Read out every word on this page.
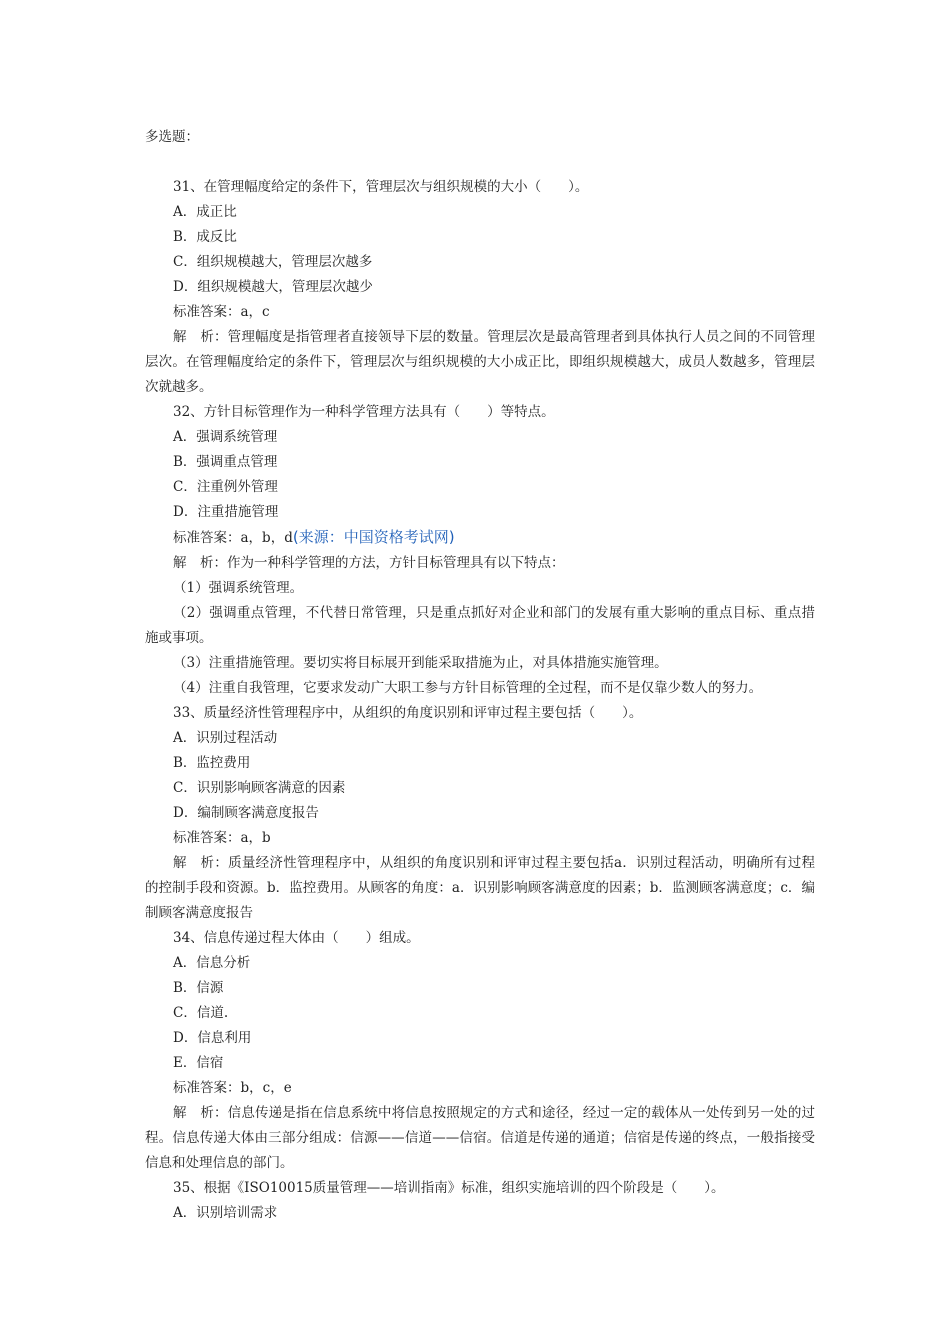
多选题：
31、在管理幅度给定的条件下，管理层次与组织规模的大小（　　）。
A．成正比
B．成反比
C．组织规模越大，管理层次越多
D．组织规模越大，管理层次越少
标准答案：a，c
解　析：管理幅度是指管理者直接领导下层的数量。管理层次是最高管理者到具体执行人员之间的不同管理层次。在管理幅度给定的条件下，管理层次与组织规模的大小成正比，即组织规模越大，成员人数越多，管理层次就越多。
32、方针目标管理作为一种科学管理方法具有（　　）等特点。
A．强调系统管理
B．强调重点管理
C．注重例外管理
D．注重措施管理
标准答案：a，b，d(来源：中国资格考试网)
解　析：作为一种科学管理的方法，方针目标管理具有以下特点：
（1）强调系统管理。
（2）强调重点管理，不代替日常管理，只是重点抓好对企业和部门的发展有重大影响的重点目标、重点措施或事项。
（3）注重措施管理。要切实将目标展开到能采取措施为止，对具体措施实施管理。
（4）注重自我管理，它要求发动广大职工参与方针目标管理的全过程，而不是仅靠少数人的努力。
33、质量经济性管理程序中，从组织的角度识别和评审过程主要包括（　　）。
A．识别过程活动
B．监控费用
C．识别影响顾客满意的因素
D．编制顾客满意度报告
标准答案：a，b
解　析：质量经济性管理程序中，从组织的角度识别和评审过程主要包括a．识别过程活动，明确所有过程的控制手段和资源。b．监控费用。从顾客的角度：a．识别影响顾客满意度的因素；b．监测顾客满意度；c．编制顾客满意度报告
34、信息传递过程大体由（　　）组成。
A．信息分析
B．信源
C．信道.
D．信息利用
E．信宿
标准答案：b，c，e
解　析：信息传递是指在信息系统中将信息按照规定的方式和途径，经过一定的载体从一处传到另一处的过程。信息传递大体由三部分组成：信源——信道——信宿。信道是传递的通道；信宿是传递的终点，一般指接受信息和处理信息的部门。
35、根据《ISO10015质量管理——培训指南》标准，组织实施培训的四个阶段是（　　）。
A．识别培训需求
